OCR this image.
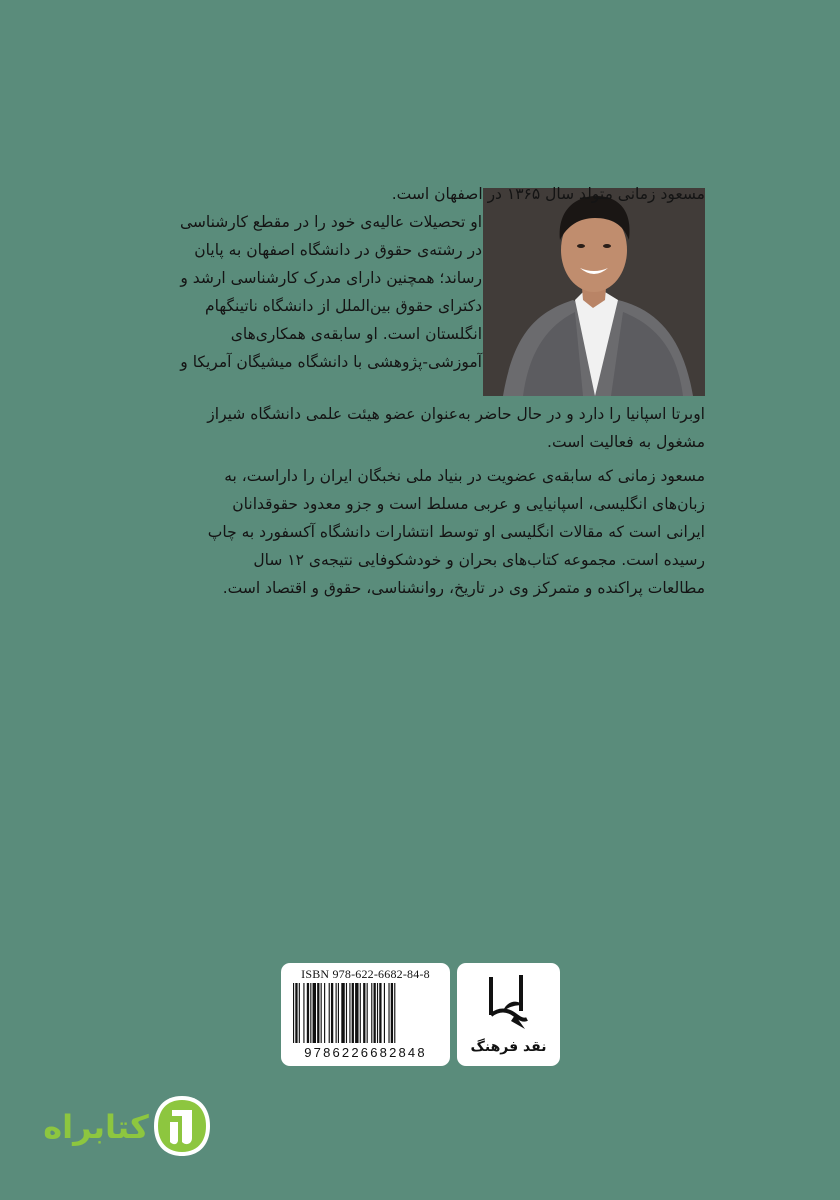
مسعود زمانی متولد سال ۱۳۶۵ در اصفهان است.

او تحصیلات عالیه‌ی خود را در مقطع کارشناسی

در رشته‌ی حقوق در دانشگاه اصفهان به پایان

رساند؛ همچنین دارای مدرک کارشناسی ارشد و

دکترای حقوق بین‌الملل از دانشگاه ناتینگهام

انگلستان است. او سابقه‌ی همکاری‌های

آموزشی-پژوهشی با دانشگاه میشیگان آمریکا و

اوبرتا اسپانیا را دارد و در حال حاضر به‌عنوان عضو هیئت علمی دانشگاه شیراز

مشغول به فعالیت است.

مسعود زمانی که سابقه‌ی عضویت در بنیاد ملی نخبگان ایران را داراست، به

زبان‌های انگلیسی، اسپانیایی و عربی مسلط است و جزو معدود حقوقدانان

ایرانی است که مقالات انگلیسی او توسط انتشارات دانشگاه آکسفورد به چاپ

رسیده است. مجموعه کتاب‌های بحران و خودشکوفایی نتیجه‌ی ۱۲ سال

مطالعات پراکنده و متمرکز وی در تاریخ، روانشناسی، حقوق و اقتصاد است.

ISBN 978-622-6682-84-8
9786226682848	نقد فرهنگ
کتابراه
